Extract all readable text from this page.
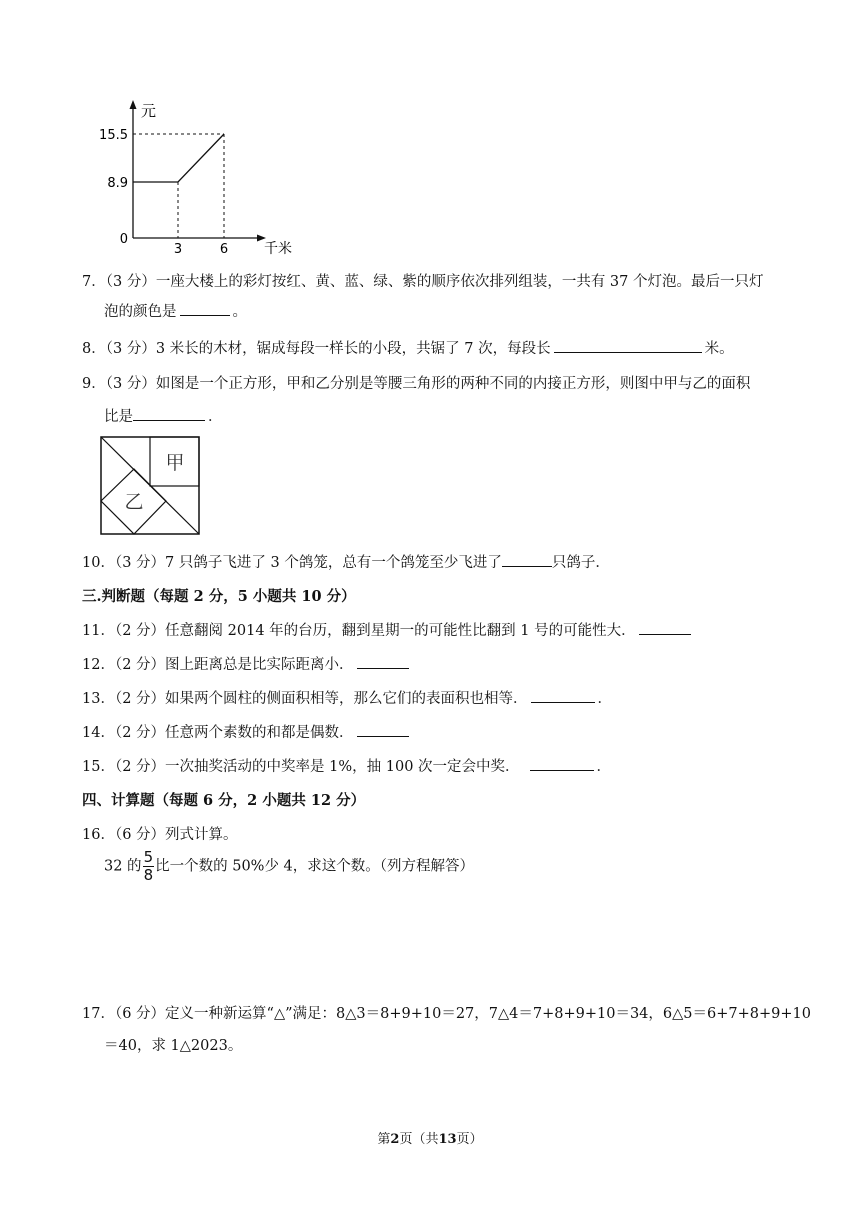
元
15.5
8.9
0
3	6	千米
7．（3 分）一座大楼上的彩灯按红、黄、蓝、绿、紫的顺序依次排列组装，一共有 37 个灯泡。最后一只灯
泡的颜色是	。
8．（3 分）3 米长的木材，锯成每段一样长的小段，共锯了 7 次，每段长	米。
9．（3 分）如图是一个正方形，甲和乙分别是等腰三角形的两种不同的内接正方形，则图中甲与乙的面积
比是	．
甲
乙
10．（3 分）7 只鸽子飞进了 3 个鸽笼，总有一个鸽笼至少飞进了	只鸽子．
三.判断题（每题 2 分，5 小题共 10 分）
11．（2 分）任意翻阅 2014 年的台历，翻到星期一的可能性比翻到 1 号的可能性大．
12．（2 分）图上距离总是比实际距离小．
13．（2 分）如果两个圆柱的侧面积相等，那么它们的表面积也相等．	．
14．（2 分）任意两个素数的和都是偶数．
15．（2 分）一次抽奖活动的中奖率是 1%，抽 100 次一定会中奖．	．
四、计算题（每题 6 分，2 小题共 12 分）
16．（6 分）列式计算。
32 的 $\frac{5}{8}$ 比一个数的 50%少 4，求这个数。（列方程解答）
17．（6 分）定义一种新运算“△”满足：8△3＝8+9+10＝27，7△4＝7+8+9+10＝34，6△5＝6+7+8+9+10
＝40，求 1△2023。
第2页（共13页）
